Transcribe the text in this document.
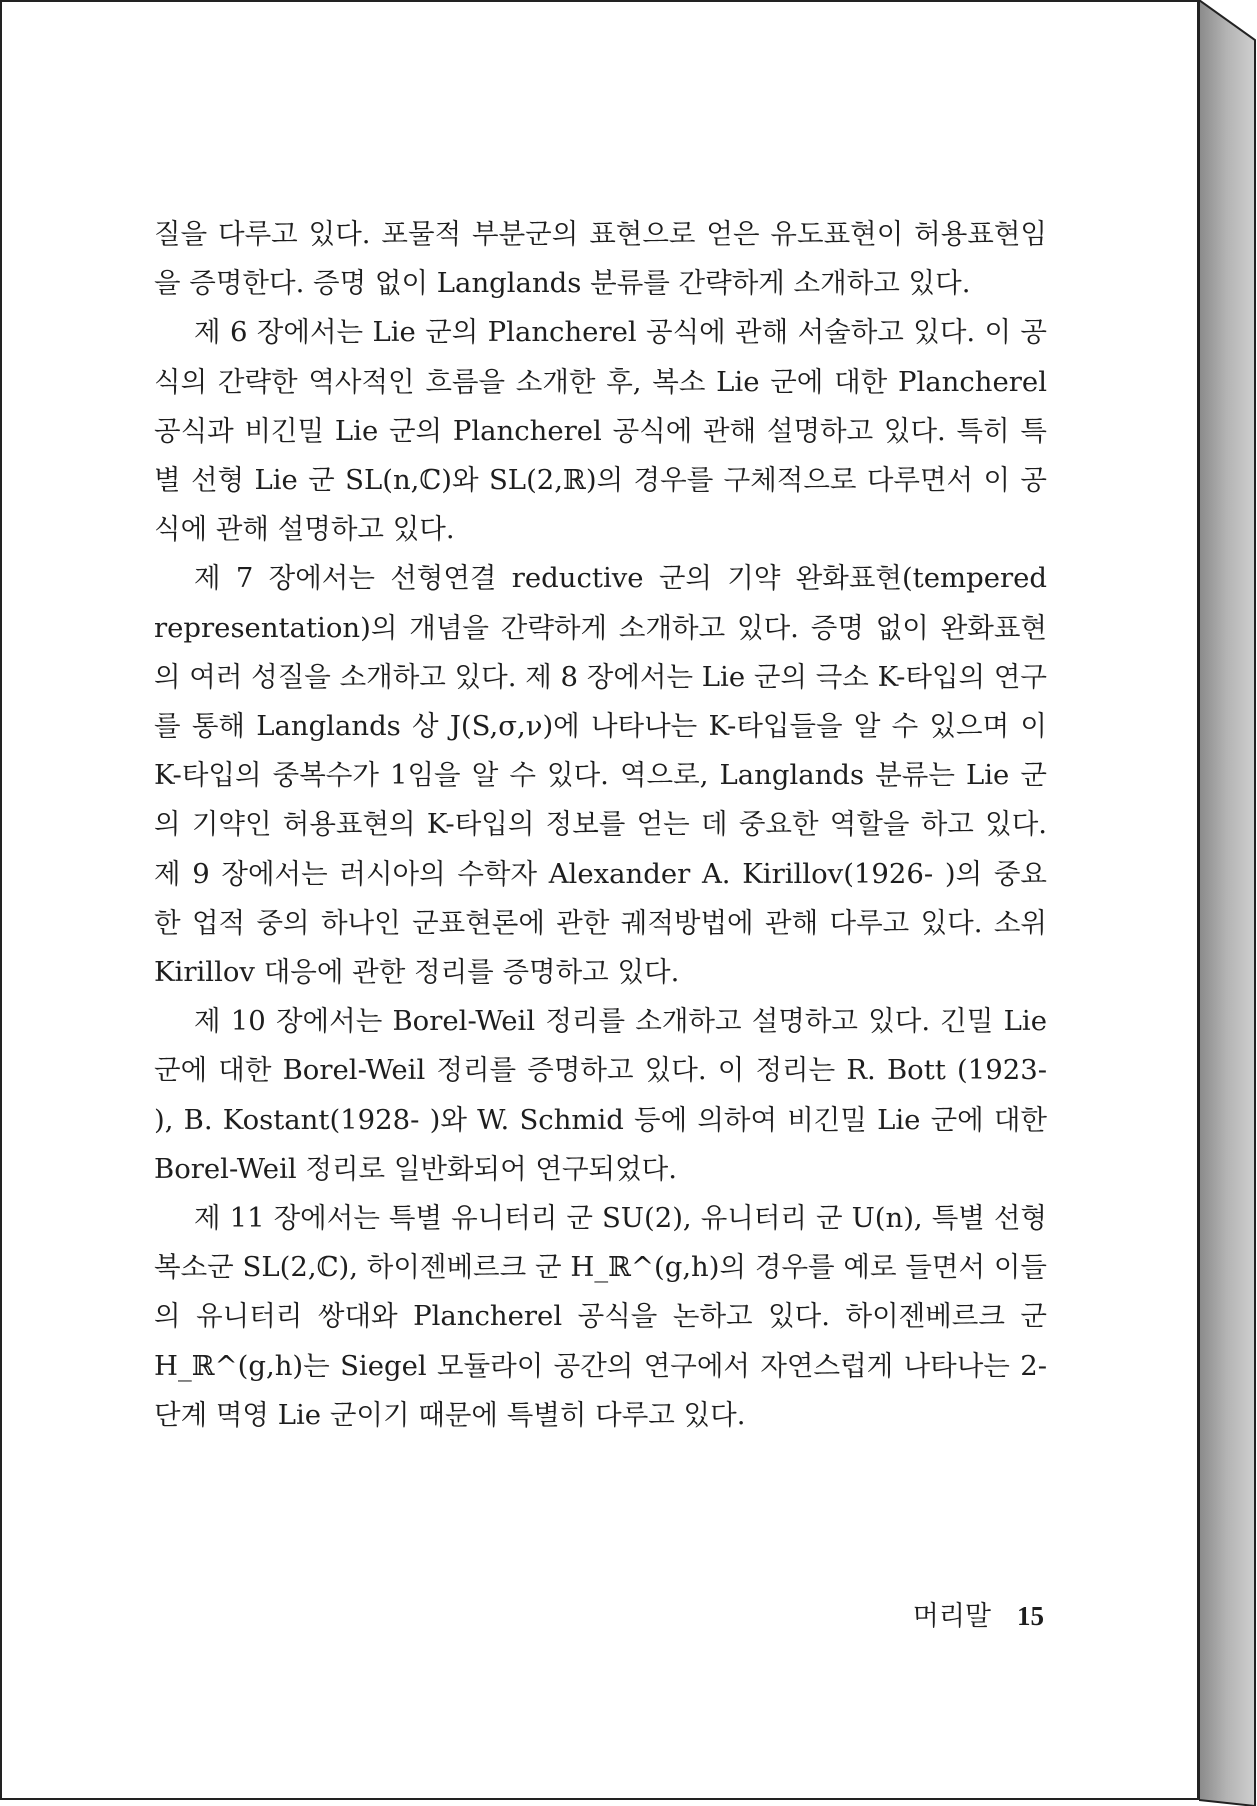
질을 다루고 있다. 포물적 부분군의 표현으로 얻은 유도표현이 허용표현임을 증명한다. 증명 없이 Langlands 분류를 간략하게 소개하고 있다.

제 6 장에서는 Lie 군의 Plancherel 공식에 관해 서술하고 있다. 이 공식의 간략한 역사적인 흐름을 소개한 후, 복소 Lie 군에 대한 Plancherel 공식과 비긴밀 Lie 군의 Plancherel 공식에 관해 설명하고 있다. 특히 특별 선형 Lie 군 SL(n,ℂ)와 SL(2,ℝ)의 경우를 구체적으로 다루면서 이 공식에 관해 설명하고 있다.

제 7 장에서는 선형연결 reductive 군의 기약 완화표현(tempered representation)의 개념을 간략하게 소개하고 있다. 증명 없이 완화표현의 여러 성질을 소개하고 있다. 제 8 장에서는 Lie 군의 극소 K-타입의 연구를 통해 Langlands 상 J(S,σ,ν)에 나타나는 K-타입들을 알 수 있으며 이 K-타입의 중복수가 1임을 알 수 있다. 역으로, Langlands 분류는 Lie 군의 기약인 허용표현의 K-타입의 정보를 얻는 데 중요한 역할을 하고 있다. 제 9 장에서는 러시아의 수학자 Alexander A. Kirillov(1926- )의 중요한 업적 중의 하나인 군표현론에 관한 궤적방법에 관해 다루고 있다. 소위 Kirillov 대응에 관한 정리를 증명하고 있다.

제 10 장에서는 Borel-Weil 정리를 소개하고 설명하고 있다. 긴밀 Lie 군에 대한 Borel-Weil 정리를 증명하고 있다. 이 정리는 R. Bott (1923- ), B. Kostant(1928- )와 W. Schmid 등에 의하여 비긴밀 Lie 군에 대한 Borel-Weil 정리로 일반화되어 연구되었다.

제 11 장에서는 특별 유니터리 군 SU(2), 유니터리 군 U(n), 특별 선형 복소군 SL(2,ℂ), 하이젠베르크 군 H_ℝ^(g,h)의 경우를 예로 들면서 이들의 유니터리 쌍대와 Plancherel 공식을 논하고 있다. 하이젠베르크 군 H_ℝ^(g,h)는 Siegel 모듈라이 공간의 연구에서 자연스럽게 나타나는 2-단계 멱영 Lie 군이기 때문에 특별히 다루고 있다.

머리말 15
